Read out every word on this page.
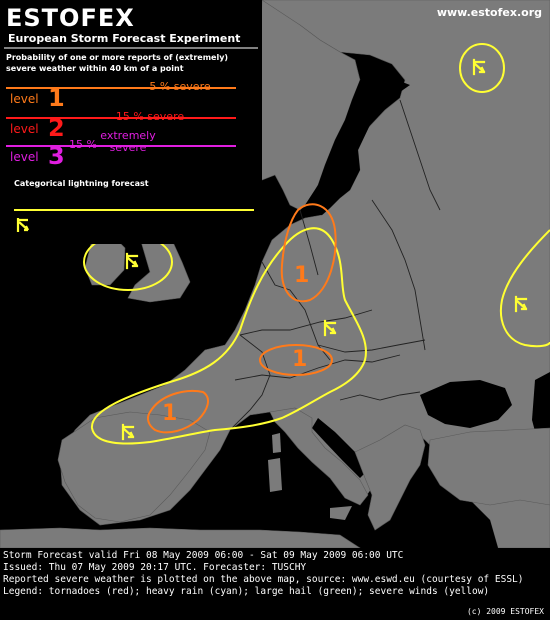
1
1
1
ESTOFEX
European Storm Forecast Experiment
www.estofex.org
Probability of one or more reports of (extremely) severe weather within 40 km of a point
level 1	5 % severe
level 2	15 % severe
level 3 15 %
extremely severe
Categorical lightning forecast
Storm Forecast valid Fri 08 May 2009 06:00 - Sat 09 May 2009 06:00 UTC
Issued: Thu 07 May 2009 20:17 UTC. Forecaster: TUSCHY
Reported severe weather is plotted on the above map, source: www.eswd.eu (courtesy of ESSL)
Legend: tornadoes (red); heavy rain (cyan); large hail (green); severe winds (yellow)
(c) 2009 ESTOFEX
